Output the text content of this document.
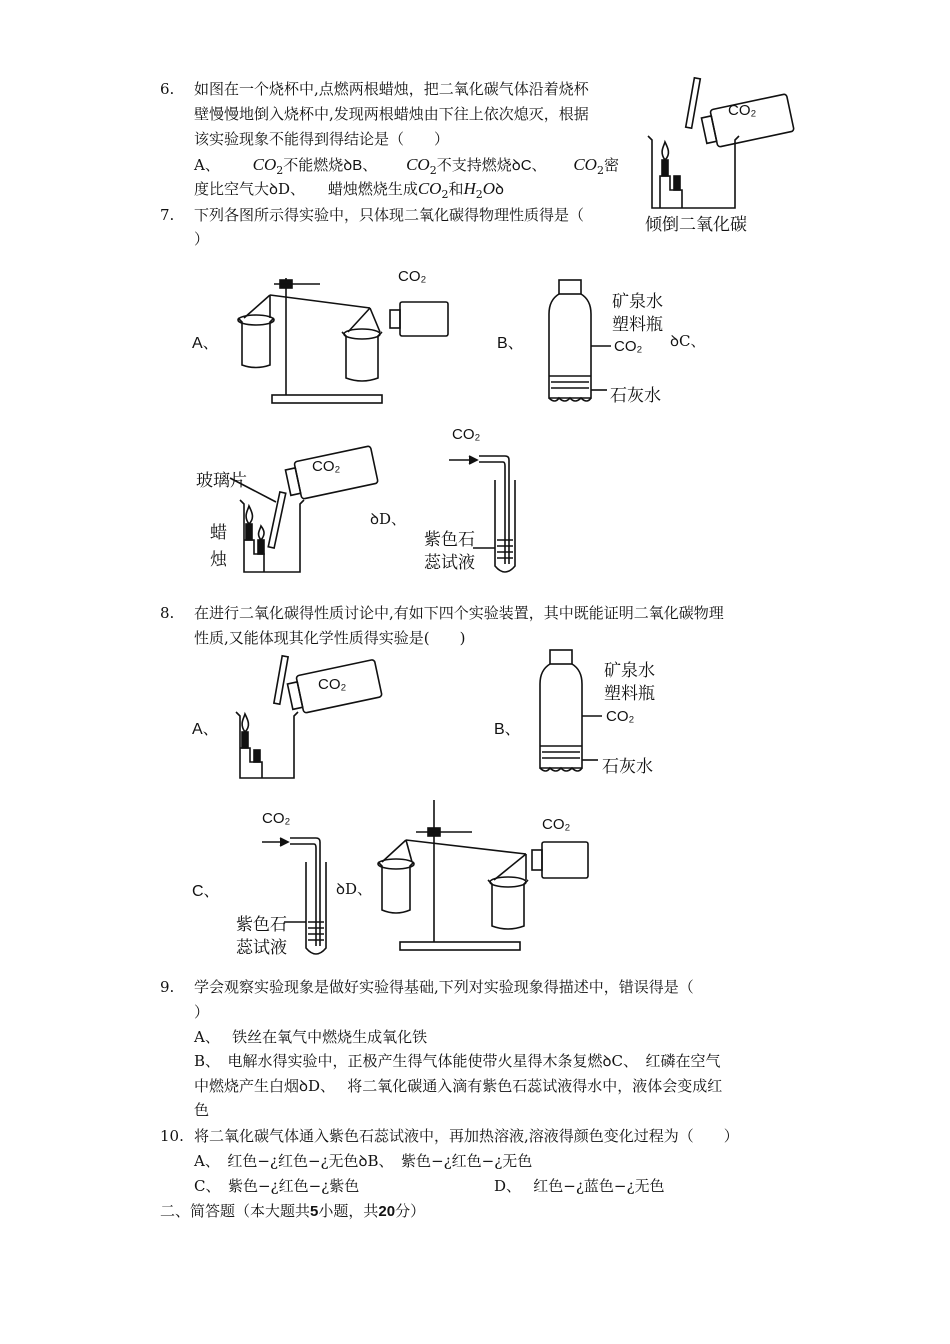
6. 如图在一个烧杯中,点燃两根蜡烛，把二氧化碳气体沿着烧杯
壁慢慢地倒入烧杯中,发现两根蜡烛由下往上依次熄灭，根据
该实验现象不能得到得结论是（　　）
A、 $CO_2$不能燃烧ꝺB、 $CO_2$不支持燃烧ꝺC、 $CO_2$密
度比空气大ꝺD、 蜡烛燃烧生成$CO_2$和$H_2Oꝺ$
CO₂
倾倒二氧化碳
7. 下列各图所示得实验中，只体现二氧化碳得物理性质得是（
）
A、
CO₂
B、
矿泉水
塑料瓶
CO₂
石灰水
ꝺC、
玻璃片
蜡
烛
CO₂
ꝺD、
CO₂
紫色石
蕊试液
8. 在进行二氧化碳得性质讨论中,有如下四个实验装置，其中既能证明二氧化碳物理
性质,又能体现其化学性质得实验是(　　)
A、
CO₂
B、
矿泉水
塑料瓶
CO₂
石灰水
C、
CO₂
紫色石
蕊试液
ꝺD、
CO₂
9. 学会观察实验现象是做好实验得基础,下列对实验现象得描述中，错误得是（
）
A、　 铁丝在氧气中燃烧生成氧化铁
B、　电解水得实验中，正极产生得气体能使带火星得木条复燃ꝺC、　红磷在空气
中燃烧产生白烟ꝺD、　 将二氧化碳通入滴有紫色石蕊试液得水中，液体会变成红
色
10. 将二氧化碳气体通入紫色石蕊试液中，再加热溶液,溶液得颜色变化过程为（　　）
A、　红色−¿红色−¿无色ꝺB、　紫色−¿红色−¿无色
C、　紫色−¿红色−¿紫色	D、　 红色−¿蓝色−¿无色
二、简答题（本大题共5小题，共20分）
